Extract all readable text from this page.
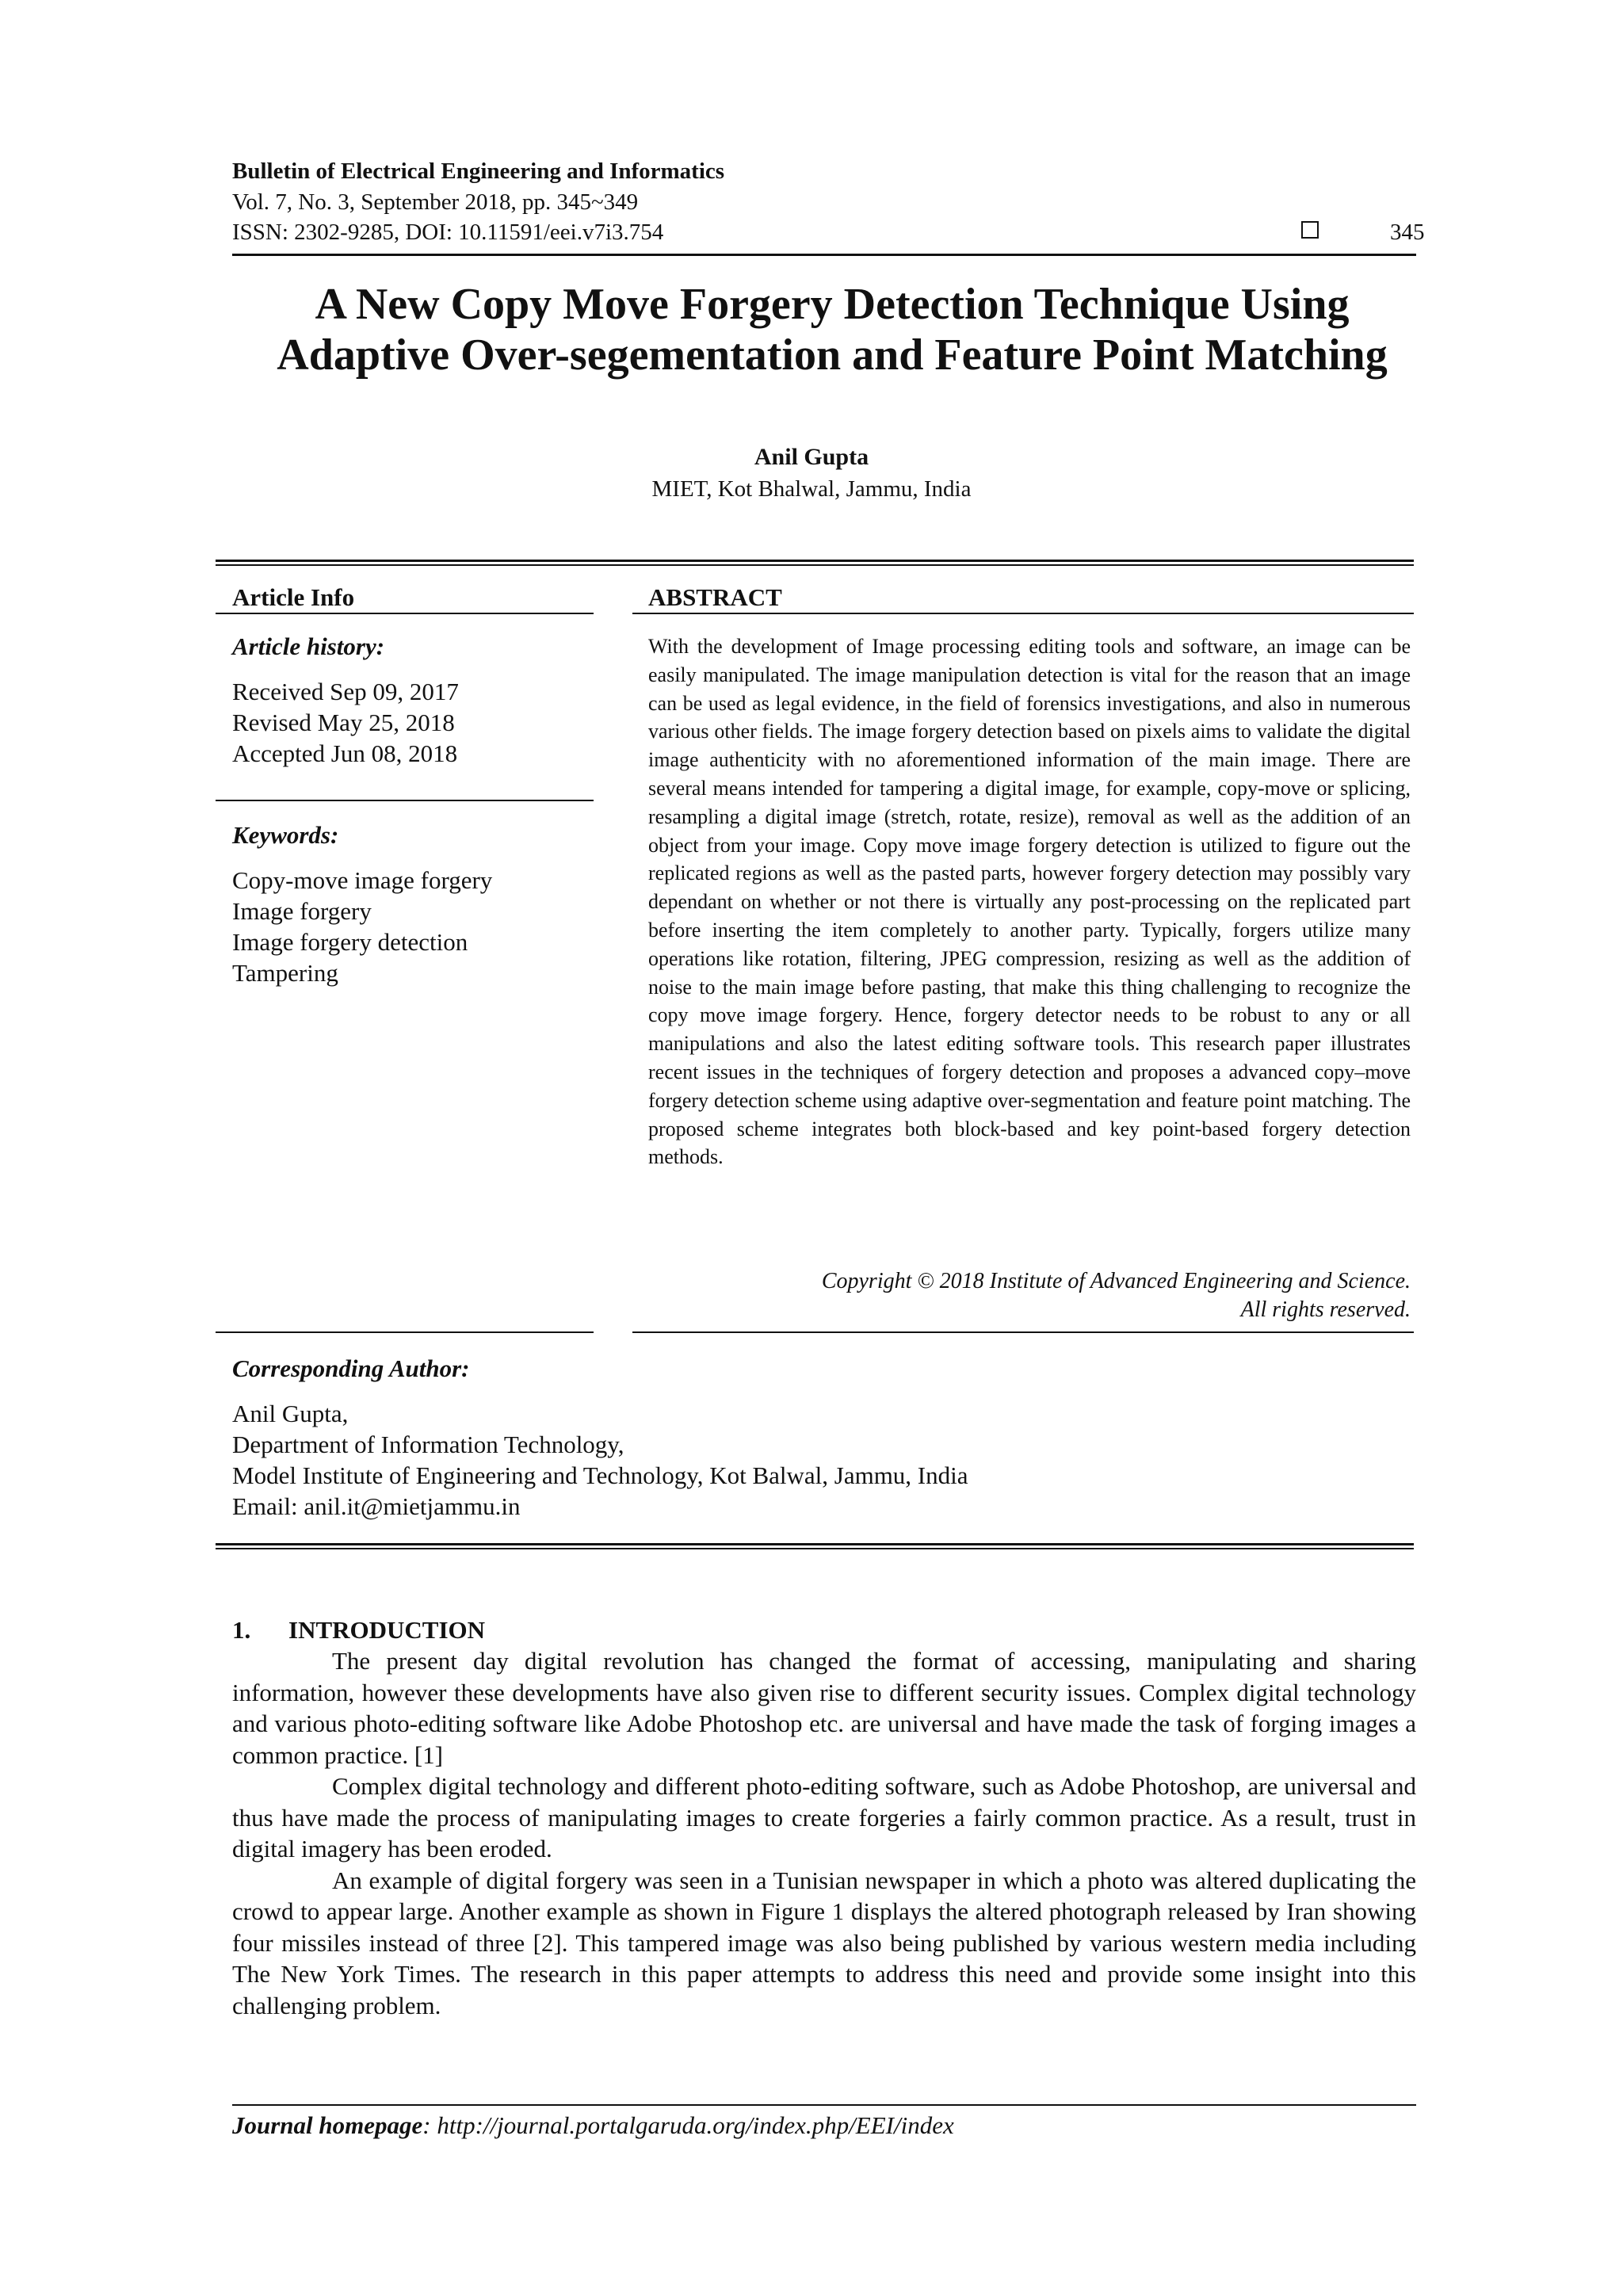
Bulletin of Electrical Engineering and Informatics
Vol. 7, No. 3, September 2018, pp. 345~349
ISSN: 2302-9285, DOI: 10.11591/eei.v7i3.754	345
A New Copy Move Forgery Detection Technique Using
Adaptive Over-segementation and Feature Point Matching
Anil Gupta
MIET, Kot Bhalwal, Jammu, India
Article Info
Article history:
Received Sep 09, 2017
Revised May 25, 2018
Accepted Jun 08, 2018
Keywords:
Copy-move image forgery
Image forgery
Image forgery detection
Tampering
ABSTRACT
With the development of Image processing editing tools and software, an image can be easily manipulated. The image manipulation detection is vital for the reason that an image can be used as legal evidence, in the field of forensics investigations, and also in numerous various other fields. The image forgery detection based on pixels aims to validate the digital image authenticity with no aforementioned information of the main image. There are several means intended for tampering a digital image, for example, copy-move or splicing, resampling a digital image (stretch, rotate, resize), removal as well as the addition of an object from your image. Copy move image forgery detection is utilized to figure out the replicated regions as well as the pasted parts, however forgery detection may possibly vary dependant on whether or not there is virtually any post-processing on the replicated part before inserting the item completely to another party. Typically, forgers utilize many operations like rotation, filtering, JPEG compression, resizing as well as the addition of noise to the main image before pasting, that make this thing challenging to recognize the copy move image forgery. Hence, forgery detector needs to be robust to any or all manipulations and also the latest editing software tools. This research paper illustrates recent issues in the techniques of forgery detection and proposes a advanced copy–move forgery detection scheme using adaptive over-segmentation and feature point matching. The proposed scheme integrates both block-based and key point-based forgery detection methods.
Copyright © 2018 Institute of Advanced Engineering and Science.
All rights reserved.
Corresponding Author:
Anil Gupta,
Department of Information Technology,
Model Institute of Engineering and Technology, Kot Balwal, Jammu, India
Email: anil.it@mietjammu.in
1. INTRODUCTION

The present day digital revolution has changed the format of accessing, manipulating and sharing information, however these developments have also given rise to different security issues. Complex digital technology and various photo-editing software like Adobe Photoshop etc. are universal and have made the task of forging images a common practice. [1]

Complex digital technology and different photo-editing software, such as Adobe Photoshop, are universal and thus have made the process of manipulating images to create forgeries a fairly common practice. As a result, trust in digital imagery has been eroded.

An example of digital forgery was seen in a Tunisian newspaper in which a photo was altered duplicating the crowd to appear large. Another example as shown in Figure 1 displays the altered photograph released by Iran showing four missiles instead of three [2]. This tampered image was also being published by various western media including The New York Times. The research in this paper attempts to address this need and provide some insight into this challenging problem.

Journal homepage: http://journal.portalgaruda.org/index.php/EEI/index
